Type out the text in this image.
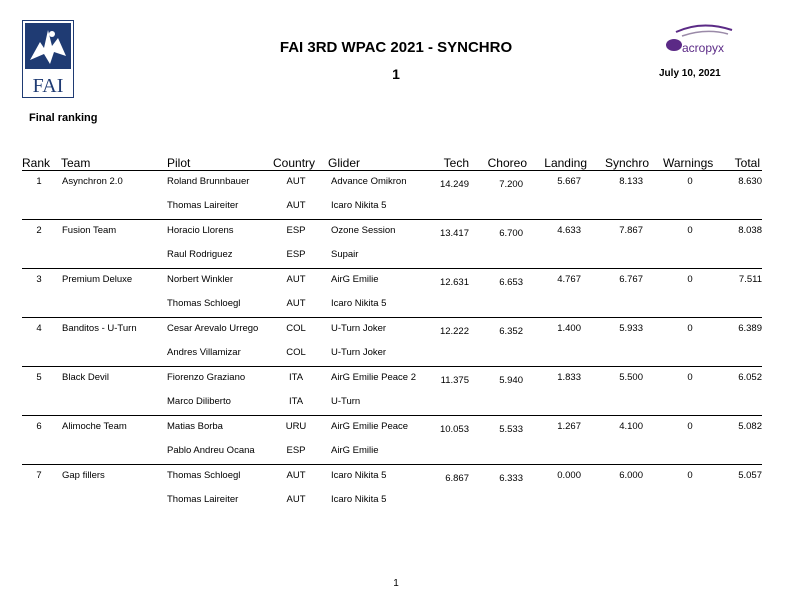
FAI
acropyx
FAI 3RD WPAC 2021 - SYNCHRO
1	July 10, 2021
Final ranking
Rank Team	Pilot	Country Glider	Tech	Choreo	Landing	Synchro Warnings	Total
1	Asynchron 2.0	Roland Brunnbauer	AUT	Advance Omikron
Thomas Laireiter	AUT	Icaro Nikita 5
14.249	7.200	5.667	8.133	0	8.630
2	Fusion Team	Horacio Llorens	ESP	Ozone Session
Raul Rodriguez	ESP	Supair
13.417	6.700	4.633	7.867	0	8.038
3	Premium Deluxe	Norbert Winkler	AUT	AirG Emilie
Thomas Schloegl	AUT	Icaro Nikita 5
12.631	6.653	4.767	6.767	0	7.511
4	Banditos - U-Turn	Cesar Arevalo Urrego	COL	U-Turn Joker
Andres Villamizar	COL	U-Turn Joker
12.222	6.352	1.400	5.933	0	6.389
5	Black Devil	Fiorenzo Graziano	ITA	AirG Emilie Peace 2
Marco Diliberto	ITA	U-Turn
11.375	5.940	1.833	5.500	0	6.052
6	Alimoche Team	Matias Borba	URU	AirG Emilie Peace
Pablo Andreu Ocana	ESP	AirG Emilie
10.053	5.533	1.267	4.100	0	5.082
7	Gap fillers	Thomas Schloegl	AUT	Icaro Nikita 5
Thomas Laireiter	AUT	Icaro Nikita 5
6.867	6.333	0.000	6.000	0	5.057
1
